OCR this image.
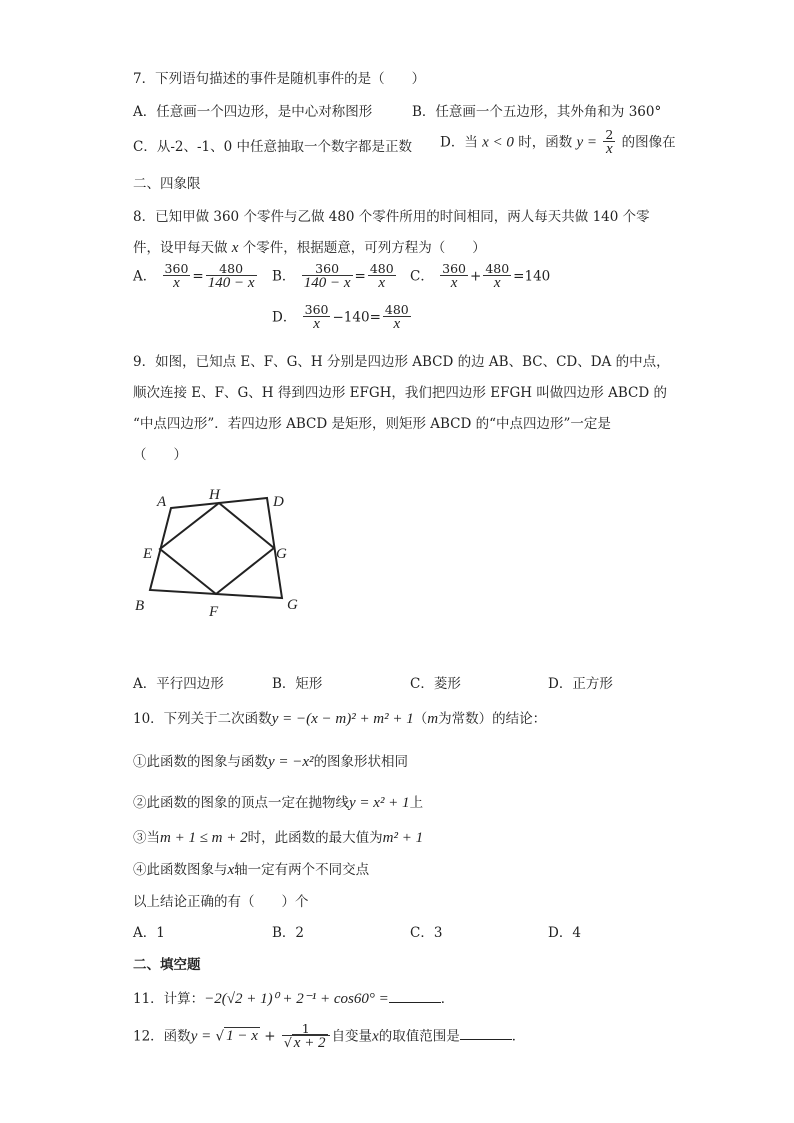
7．下列语句描述的事件是随机事件的是（　　）
A．任意画一个四边形，是中心对称图形	B．任意画一个五边形，其外角和为 360°
C．从-2、-1、0 中任意抽取一个数字都是正数 D．当 x < 0 时，函数 $y = \frac{2}{x}$ 的图像在
二、四象限
8．已知甲做 360 个零件与乙做 480 个零件所用的时间相同，两人每天共做 140 个零
件，设甲每天做 x 个零件，根据题意，可列方程为（　　）
A． $\frac{360}{x} = \frac{480}{140 - x}$ B． $\frac{360}{140 - x} = \frac{480}{x}$ C． $\frac{360}{x} + \frac{480}{x} =140$
D． $\frac{360}{x} -140= \frac{480}{x}$
9．如图，已知点 E、F、G、H 分别是四边形 ABCD 的边 AB、BC、CD、DA 的中点，
顺次连接 E、F、G、H 得到四边形 EFGH，我们把四边形 EFGH 叫做四边形 ABCD 的
“中点四边形”．若四边形 ABCD 是矩形，则矩形 ABCD 的“中点四边形”一定是
（　　）
A	H	D
E	G
B	F	G
A．平行四边形	B．矩形	C．菱形	D．正方形
10．下列关于二次函数y = −(x − m)² + m² + 1（m为常数）的结论：
①此函数的图象与函数y = −x²的图象形状相同
②此函数的图象的顶点一定在抛物线y = x² + 1上
③当m + 1 ≤ m + 2时，此函数的最大值为m² + 1
④此函数图象与x轴一定有两个不同交点
以上结论正确的有（　　）个
A．1	B．2	C．3	D．4
二、填空题
11．计算：−2(√2 + 1)⁰ + 2⁻¹ + cos60° =	．
12．函数y = √ $1 - x + \frac{1}{√ x + 2}$ 自变量x的取值范围是	．
